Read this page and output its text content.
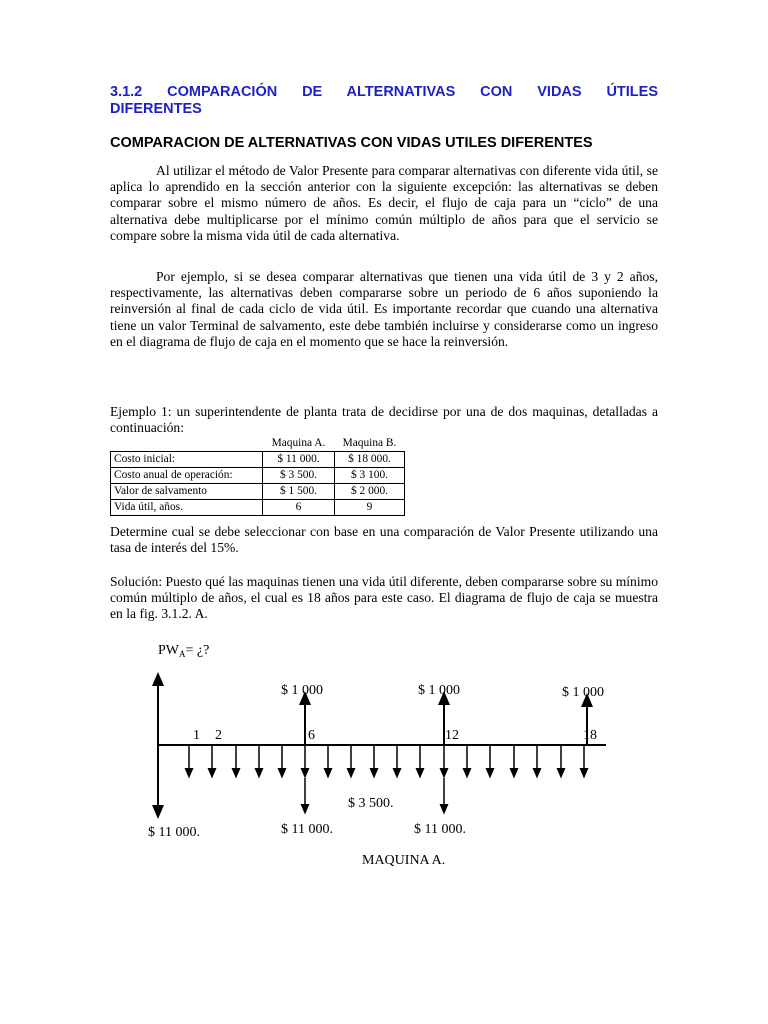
3.1.2 COMPARACIÓN DE ALTERNATIVAS CON VIDAS ÚTILES
DIFERENTES
COMPARACION DE ALTERNATIVAS CON VIDAS UTILES DIFERENTES

Al utilizar el método de Valor Presente para comparar alternativas con diferente vida útil, se aplica lo aprendido en la sección anterior con la siguiente excepción: las alternativas se deben comparar sobre el mismo número de años. Es decir, el flujo de caja para un “ciclo” de una alternativa debe multiplicarse por el mínimo común múltiplo de años para que el servicio se compare sobre la misma vida útil de cada alternativa.

Por ejemplo, si se desea comparar alternativas que tienen una vida útil de 3 y 2 años, respectivamente, las alternativas deben compararse sobre un periodo de 6 años suponiendo la reinversión al final de cada ciclo de vida útil. Es importante recordar que cuando una alternativa tiene un valor Terminal de salvamento, este debe también incluirse y considerarse como un ingreso en el diagrama de flujo de caja en el momento que se hace la reinversión.

Ejemplo 1: un superintendente de planta trata de decidirse por una de dos maquinas, detalladas a continuación:

	Maquina A.	Maquina B.
Costo inicial:	$ 11 000.	$ 18 000.
Costo anual de operación:	$ 3 500.	$ 3 100.
Valor de salvamento	$ 1 500.	$ 2 000.
Vida útil, años.	6	9

Determine cual se debe seleccionar con base en una comparación de Valor Presente utilizando una tasa de interés del 15%.

Solución: Puesto qué las maquinas tienen una vida útil diferente, deben compararse sobre su mínimo común múltiplo de años, el cual es 18 años para este caso. El diagrama de flujo de caja se muestra en la fig. 3.1.2. A.

$PW_A=$ ¿?
$ 11 000.
$ 1 000	$ 1 000	$ 1 000
1 2	6	12	18
$ 3 500.
$ 11 000.	$ 11 000.
MAQUINA A.
